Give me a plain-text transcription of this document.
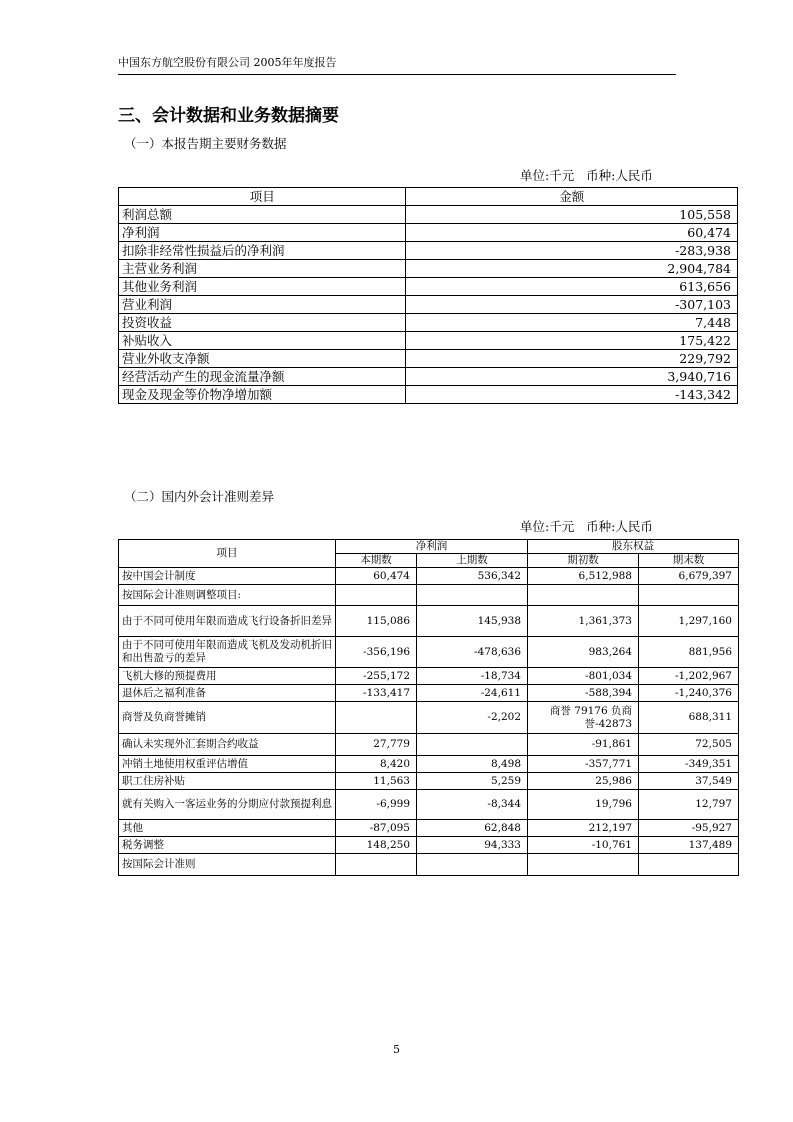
中国东方航空股份有限公司 2005年年度报告
三、会计数据和业务数据摘要
（一）本报告期主要财务数据
单位:千元   币种:人民币
项目	金额
利润总额	105,558
净利润	60,474
扣除非经常性损益后的净利润	-283,938
主营业务利润	2,904,784
其他业务利润	613,656
营业利润	-307,103
投资收益	7,448
补贴收入	175,422
营业外收支净额	229,792
经营活动产生的现金流量净额	3,940,716
现金及现金等价物净增加额	-143,342
（二）国内外会计准则差异
单位:千元   币种:人民币
项目	净利润		股东权益	
	本期数	上期数	期初数	期末数
按中国会计制度	60,474	536,342	6,512,988	6,679,397
按国际会计准则调整项目:				
由于不同可使用年限而造成飞行设备折旧差异	115,086	145,938	1,361,373	1,297,160
由于不同可使用年限而造成飞机及发动机折旧和出售盈亏的差异	-356,196	-478,636	983,264	881,956
飞机大修的预提费用	-255,172	-18,734	-801,034	-1,202,967
退休后之福利准备	-133,417	-24,611	-588,394	-1,240,376
商誉及负商誉摊销		-2,202	商誉 79176 负商誉-42873	688,311
确认未实现外汇套期合约收益	27,779		-91,861	72,505
冲销土地使用权重评估增值	8,420	8,498	-357,771	-349,351
职工住房补贴	11,563	5,259	25,986	37,549
就有关购入一客运业务的分期应付款预提利息	-6,999	-8,344	19,796	12,797
其他	-87,095	62,848	212,197	-95,927
税务调整	148,250	94,333	-10,761	137,489
按国际会计准则				
5
